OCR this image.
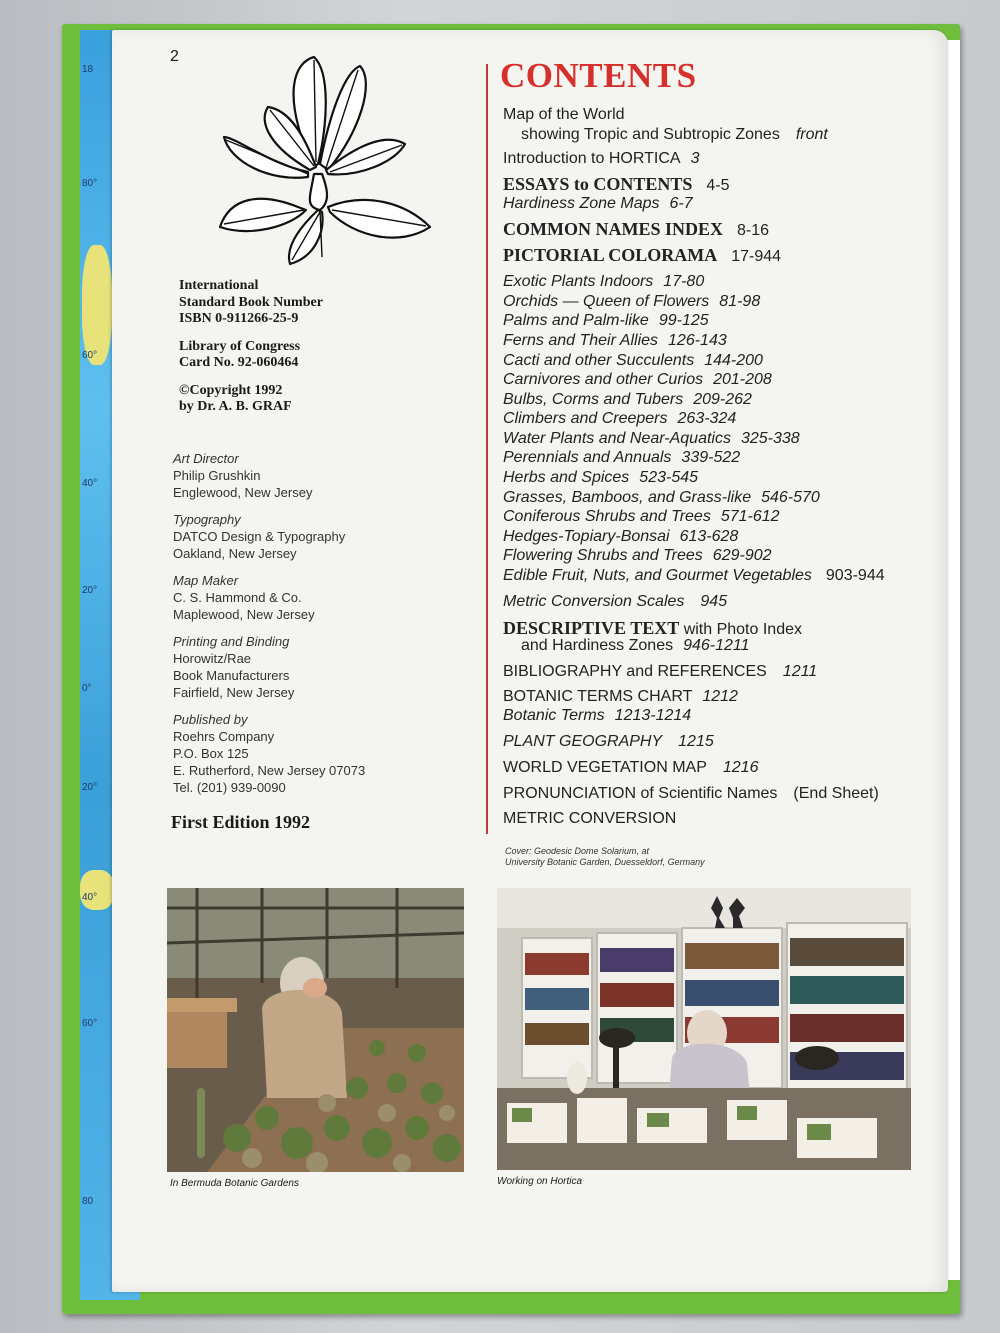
18
80°
60°
40°
20°
0°
20°
40°
60°
80
2
International
Standard Book Number
ISBN 0-911266-25-9
Library of Congress
Card No. 92-060464
©Copyright 1992
by Dr. A. B. GRAF
Art Director
Philip Grushkin
Englewood, New Jersey
Typography
DATCO Design & Typography
Oakland, New Jersey
Map Maker
C. S. Hammond & Co.
Maplewood, New Jersey
Printing and Binding
Horowitz/Rae
Book Manufacturers
Fairfield, New Jersey
Published by
Roehrs Company
P.O. Box 125
E. Rutherford, New Jersey 07073
Tel. (201) 939-0090
First Edition 1992
CONTENTS
Map of the World
showing Tropic and Subtropic Zones front
Introduction to HORTICA 3
ESSAYS to CONTENTS 4-5
Hardiness Zone Maps 6-7
COMMON NAMES INDEX 8-16
PICTORIAL COLORAMA 17-944
Exotic Plants Indoors 17-80
Orchids — Queen of Flowers 81-98
Palms and Palm-like 99-125
Ferns and Their Allies 126-143
Cacti and other Succulents 144-200
Carnivores and other Curios 201-208
Bulbs, Corms and Tubers 209-262
Climbers and Creepers 263-324
Water Plants and Near-Aquatics 325-338
Perennials and Annuals 339-522
Herbs and Spices 523-545
Grasses, Bamboos, and Grass-like 546-570
Coniferous Shrubs and Trees 571-612
Hedges-Topiary-Bonsai 613-628
Flowering Shrubs and Trees 629-902
Edible Fruit, Nuts, and Gourmet Vegetables 903-944
Metric Conversion Scales 945
DESCRIPTIVE TEXT with Photo Index
and Hardiness Zones 946-1211
BIBLIOGRAPHY and REFERENCES 1211
BOTANIC TERMS CHART 1212
Botanic Terms 1213-1214
PLANT GEOGRAPHY 1215
WORLD VEGETATION MAP 1216
PRONUNCIATION of Scientific Names (End Sheet)
METRIC CONVERSION
Cover: Geodesic Dome Solarium, at
University Botanic Garden, Duesseldorf, Germany
In Bermuda Botanic Gardens	Working on Hortica
